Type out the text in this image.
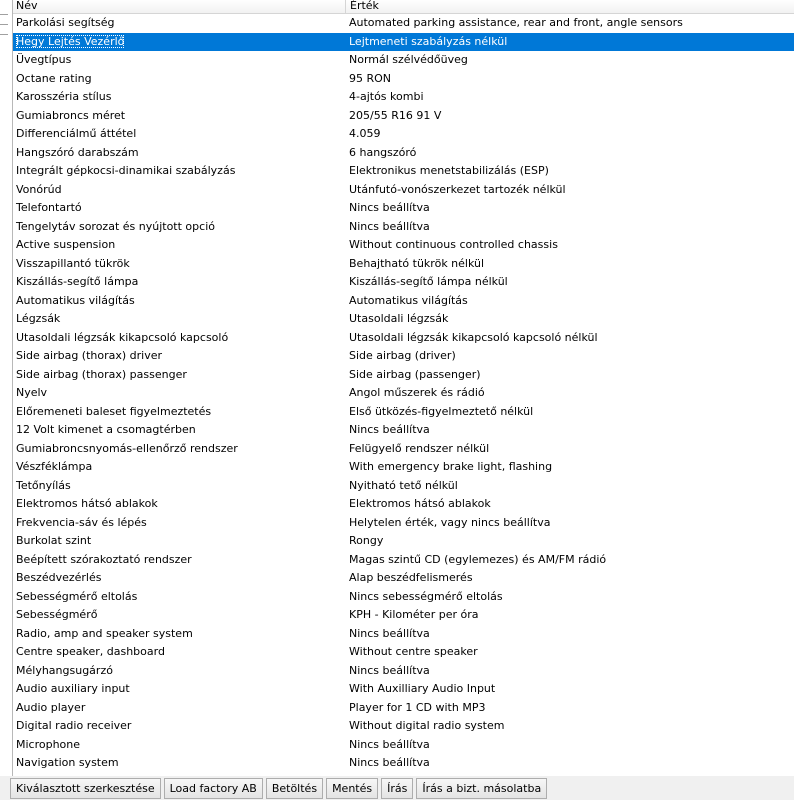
Név	Érték
Parkolási segítség	Automated parking assistance, rear and front, angle sensors
Hegy Lejtés Vezérlő	Lejtmeneti szabályzás nélkül
Üvegtípus	Normál szélvédőüveg
Octane rating	95 RON
Karosszéria stílus	4-ajtós kombi
Gumiabroncs méret	205/55 R16 91 V
Differenciálmű áttétel	4.059
Hangszóró darabszám	6 hangszóró
Integrált gépkocsi-dinamikai szabályzás	Elektronikus menetstabilizálás (ESP)
Vonórúd	Utánfutó-vonószerkezet tartozék nélkül
Telefontartó	Nincs beállítva
Tengelytáv sorozat és nyújtott opció	Nincs beállítva
Active suspension	Without continuous controlled chassis
Visszapillantó tükrök	Behajtható tükrök nélkül
Kiszállás-segítő lámpa	Kiszállás-segítő lámpa nélkül
Automatikus világítás	Automatikus világítás
Légzsák	Utasoldali légzsák
Utasoldali légzsák kikapcsoló kapcsoló	Utasoldali légzsák kikapcsoló kapcsoló nélkül
Side airbag (thorax) driver	Side airbag (driver)
Side airbag (thorax) passenger	Side airbag (passenger)
Nyelv	Angol műszerek és rádió
Előremeneti baleset figyelmeztetés	Első ütközés-figyelmeztető nélkül
12 Volt kimenet a csomagtérben	Nincs beállítva
Gumiabroncsnyomás-ellenőrző rendszer	Felügyelő rendszer nélkül
Vészféklámpa	With emergency brake light, flashing
Tetőnyílás	Nyitható tető nélkül
Elektromos hátsó ablakok	Elektromos hátsó ablakok
Frekvencia-sáv és lépés	Helytelen érték, vagy nincs beállítva
Burkolat szint	Rongy
Beépített szórakoztató rendszer	Magas szintű CD (egylemezes) és AM/FM rádió
Beszédvezérlés	Alap beszédfelismerés
Sebességmérő eltolás	Nincs sebességmérő eltolás
Sebességmérő	KPH - Kilométer per óra
Radio, amp and speaker system	Nincs beállítva
Centre speaker, dashboard	Without centre speaker
Mélyhangsugárzó	Nincs beállítva
Audio auxiliary input	With Auxilliary Audio Input
Audio player	Player for 1 CD with MP3
Digital radio receiver	Without digital radio system
Microphone	Nincs beállítva
Navigation system	Nincs beállítva
Kiválasztott szerkesztése	Load factory AB	Betöltés	Mentés	Írás	Írás a bizt. másolatba
